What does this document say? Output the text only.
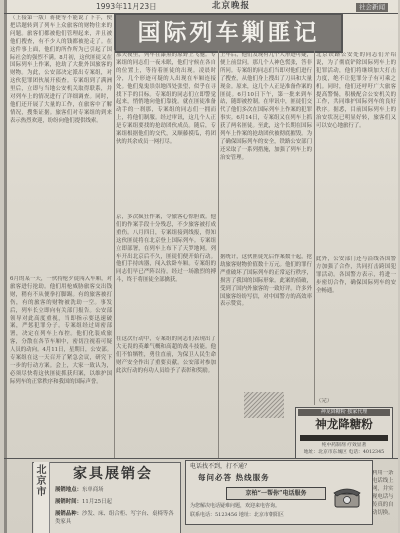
1993年11月23日	北京晚报	社会新闻
国际列车剿匪记
（上接第一版）蒋捷等不能说了下手，便把话题转到了列车上众旅客的财物往来的问题。旅客们都被他们管理起来，并且被他们搜查，有不少人的钱都被抢走了。在这件事上面，他们的所作所为已引起了国际社会的强烈不满。8月初，这伙匪徒又在国际列车上作案，抢劫了大批外国旅客的财物。为此，公安部决定派出专案组，对这伙犯罪团伙展开侦查。专案组到了满洲里后，立即与当地公安机关取得联系，并对列车上的情况进行了详细调查。同时，他们还开展了大量的工作，在旅客中了解情况，搜集证据。旅客们对专案组的到来表示热烈欢迎，纷纷向他们提供线索。
6月的某一天，一伙持枪歹徒闯入车厢，对旅客进行抢劫。他们用枪威胁旅客交出钱财，稍有不从便拳打脚踢。有的旅客被打伤，有的旅客的财物被洗劫一空。事发后，列车长立即向有关部门报告。公安部领导对此高度重视，当即指示要迅速破案，严惩犯罪分子。专案组经过周密部署，决定在列车上布控。他们化装成旅客，分散在各节车厢中，密切注视着可疑人员的动向。4月11日，星期日，公安部。专案组在这一天召开了紧急会议，研究下一步的行动方案。会上，大家一致认为，必须尽快将这伙匪徒抓获归案，以维护国际列车的正常秩序和我国的国际声誉。
那天夜里，列车在漆黑的原野上飞驰。专案组的同志们一夜未眠，他们守候在各自的位置上，等待着匪徒的出现。凌晨时分，几个形迹可疑的人出现在车厢连接处。他们鬼鬼祟祟地四处张望，似乎在寻找下手的目标。专案组的同志们立即警觉起来，悄悄地向他们靠拢。就在匪徒准备动手的一刹那，专案组的同志们一拥而上，将他们制服。经过审讯，这几个人正是专案组要找的抢劫团伙成员。随后，专案组根据他们的交代，又顺藤摸瓜，将团伙的其余成员一网打尽。
京，多次疯狂作案，令旅客心惊胆战。他们的作案手段十分残忍，不少旅客被打成重伤。八月四日，专案组接到线报，得知这伙匪徒将在北京登上国际列车。专案组立即部署，在列车上布下了天罗地网。列车开出北京后不久，匪徒们便开始行动。他们手持凶器，闯入软卧车厢。专案组的同志们早已严阵以待，经过一场激烈的搏斗，终于将匪徒全部擒获。
在这次行动中，专案组的同志们表现出了大无畏的英雄气概和高超的战斗技能。他们不怕牺牲，勇往直前，为保卫人民生命财产安全作出了重要贡献。公安部对参加此次行动的有功人员给予了表彰和奖励。
上车后，他们发现有几个人形迹可疑，便上前盘问。那几个人神色慌张，答非所问。专案组的同志们当即对他们进行了搜查，从他们身上搜出了刀具和大量现金。原来，这几个人正是准备作案的匪徒。6月10日下午，第一批来到车站，随即被控制。在审讯中，匪徒们交代了他们多次在国际列车上作案的犯罪事实。6月14日，专案组又在列车上抓获了两名匪徒。至此，这个长期在国际列车上作案的抢劫团伙被彻底摧毁。为了确保国际列车的安全，铁路公安部门还采取了一系列措施，加强了列车上的治安管理。
据统计，这伙匪徒先后作案数十起，抢劫旅客财物价值数十万元。他们的罪行严重破坏了国际列车的正常运行秩序，损害了我国的国际形象。此案的侦破，受到了国内外旅客的一致好评。许多外国旅客纷纷写信，对中国警方的高效率表示赞赏。
北京铁路公安处的同志们介绍说，为了彻底铲除国际列车上的犯罪活动，他们将继续加大打击力度，绝不让犯罪分子有可乘之机。同时，他们还呼吁广大旅客提高警惕，积极配合公安机关的工作，共同维护国际列车的良好秩序。据悉，目前国际列车上的治安状况已明显好转，旅客们又可以安心地旅行了。
此外，公安部门还与沿线各国警方加强了合作，共同打击跨国犯罪活动。各国警方表示，将进一步密切合作，确保国际列车的安全畅通。
（完）
神龙降糖粉 独家代理
神龙降糖粉
纯中药制剂 疗效显著
地址：北京市东城区 电话：4012345
家具展销会
展销地点：东单商场
展销时间：11月25日起
展销品种：沙发、床、组合柜、写字台、桌椅等各类家具
北京市
电话找不到，打不通？
每问必答 热线服务
京柏“一帮你”电话服务
为您解决电话疑难问题，欢迎来电咨询。
联系电话：5123456 地址：北京市朝阳区
利用一条电话线上网，并实现电话与传真的自动切换。
